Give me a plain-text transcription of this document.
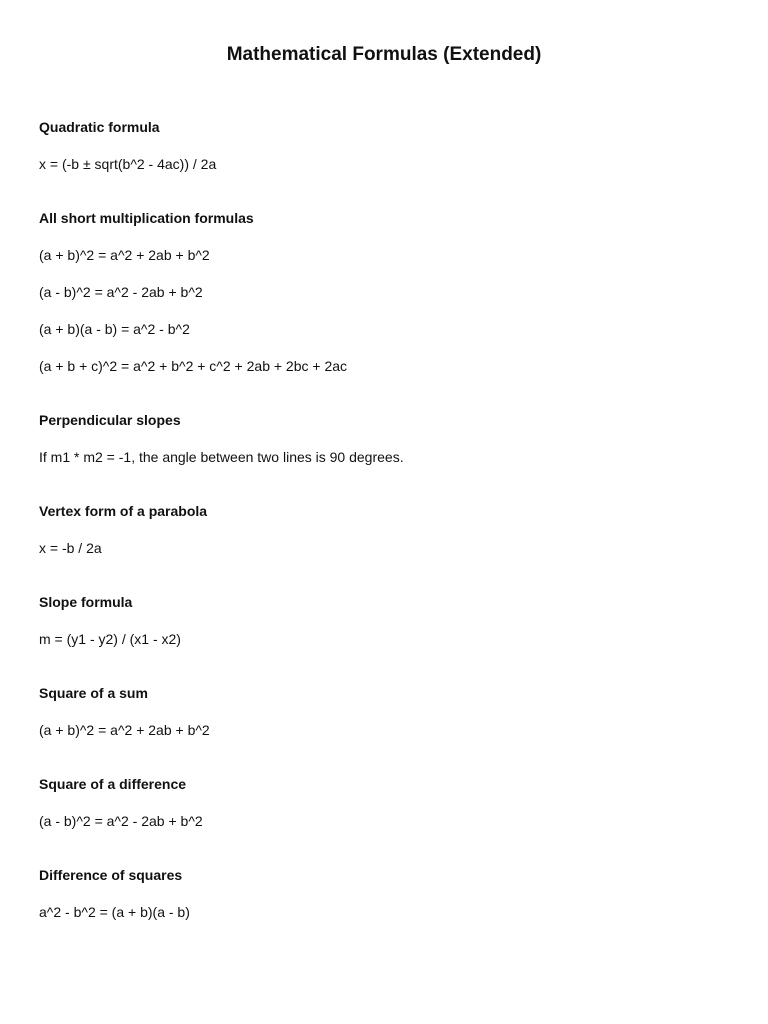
Mathematical Formulas (Extended)
Quadratic formula

x = (-b ± sqrt(b^2 - 4ac)) / 2a

All short multiplication formulas

(a + b)^2 = a^2 + 2ab + b^2

(a - b)^2 = a^2 - 2ab + b^2

(a + b)(a - b) = a^2 - b^2

(a + b + c)^2 = a^2 + b^2 + c^2 + 2ab + 2bc + 2ac

Perpendicular slopes

If m1 * m2 = -1, the angle between two lines is 90 degrees.

Vertex form of a parabola

x = -b / 2a

Slope formula

m = (y1 - y2) / (x1 - x2)

Square of a sum

(a + b)^2 = a^2 + 2ab + b^2

Square of a difference

(a - b)^2 = a^2 - 2ab + b^2

Difference of squares

a^2 - b^2 = (a + b)(a - b)
